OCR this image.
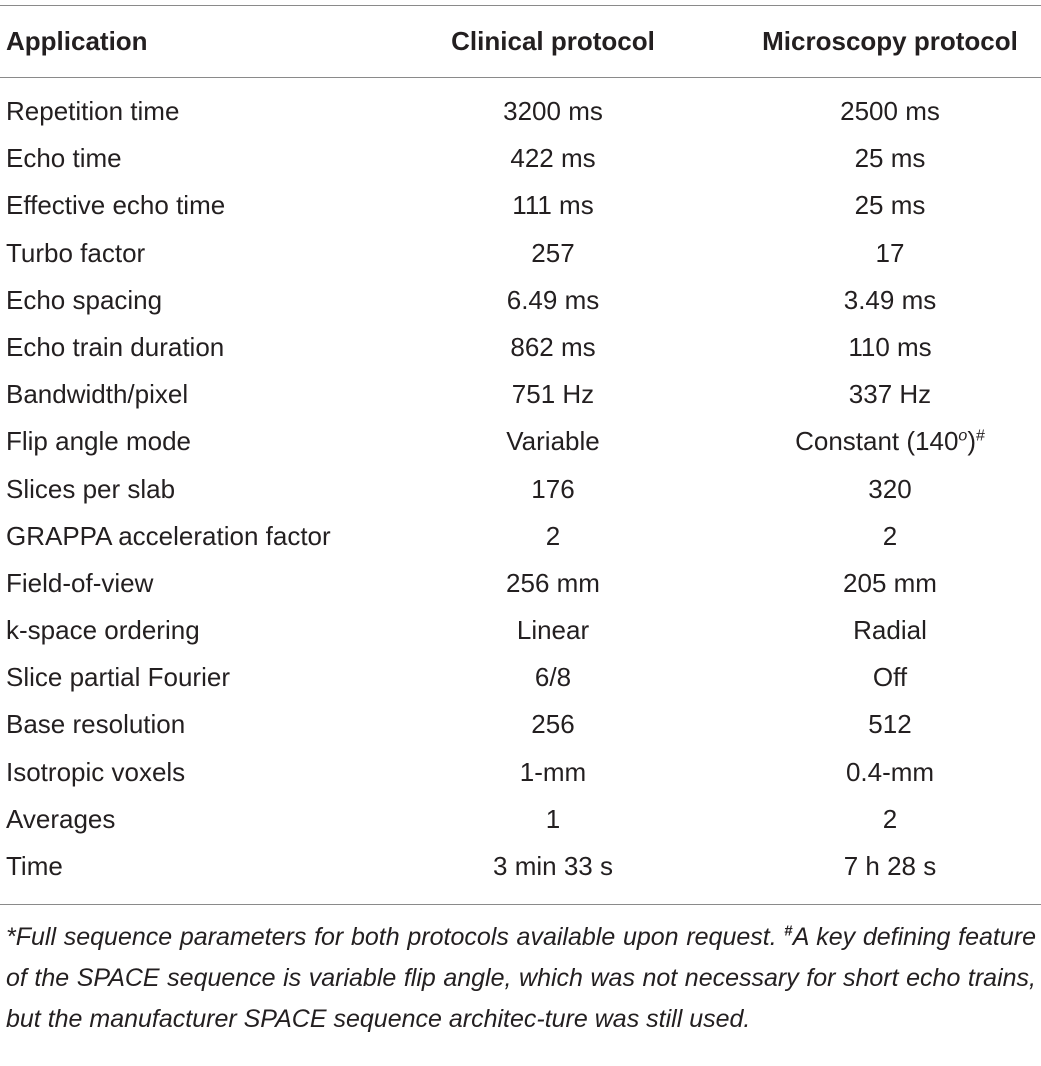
Application	Clinical protocol	Microscopy protocol
Repetition time	3200 ms	2500 ms
Echo time	422 ms	25 ms
Effective echo time	111 ms	25 ms
Turbo factor	257	17
Echo spacing	6.49 ms	3.49 ms
Echo train duration	862 ms	110 ms
Bandwidth/pixel	751 Hz	337 Hz
Flip angle mode	Variable	Constant (140$^o$)#
Slices per slab	176	320
GRAPPA acceleration factor	2	2
Field-of-view	256 mm	205 mm
k-space ordering	Linear	Radial
Slice partial Fourier	6/8	Off
Base resolution	256	512
Isotropic voxels	1-mm	0.4-mm
Averages	1	2
Time	3 min 33 s	7 h 28 s
*Full sequence parameters for both protocols available upon request. #A key defining feature of the SPACE sequence is variable flip angle, which was not necessary for short echo trains, but the manufacturer SPACE sequence architec-ture was still used.
